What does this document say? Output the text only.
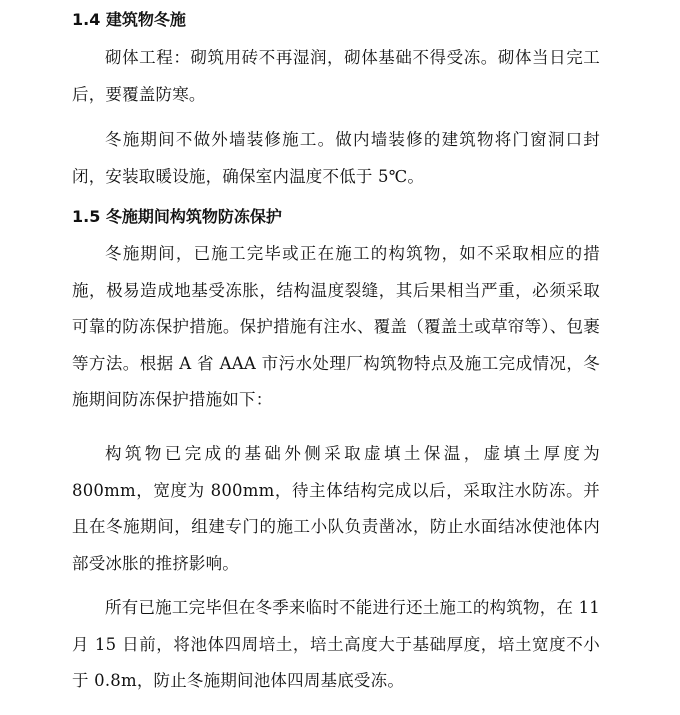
1.4 建筑物冬施

砌体工程：砌筑用砖不再湿润，砌体基础不得受冻。砌体当日完工后，要覆盖防寒。

冬施期间不做外墙装修施工。做内墙装修的建筑物将门窗洞口封闭，安装取暖设施，确保室内温度不低于 5℃。

1.5 冬施期间构筑物防冻保护

冬施期间，已施工完毕或正在施工的构筑物，如不采取相应的措施，极易造成地基受冻胀，结构温度裂缝，其后果相当严重，必须采取可靠的防冻保护措施。保护措施有注水、覆盖（覆盖土或草帘等）、包裹等方法。根据 A 省 AAA 市污水处理厂构筑物特点及施工完成情况，冬施期间防冻保护措施如下：

构筑物已完成的基础外侧采取虚填土保温，虚填土厚度为 800mm，宽度为 800mm，待主体结构完成以后，采取注水防冻。并且在冬施期间，组建专门的施工小队负责凿冰，防止水面结冰使池体内部受冰胀的推挤影响。

所有已施工完毕但在冬季来临时不能进行还土施工的构筑物，在 11 月 15 日前，将池体四周培土，培土高度大于基础厚度，培土宽度不小于 0.8m，防止冬施期间池体四周基底受冻。
